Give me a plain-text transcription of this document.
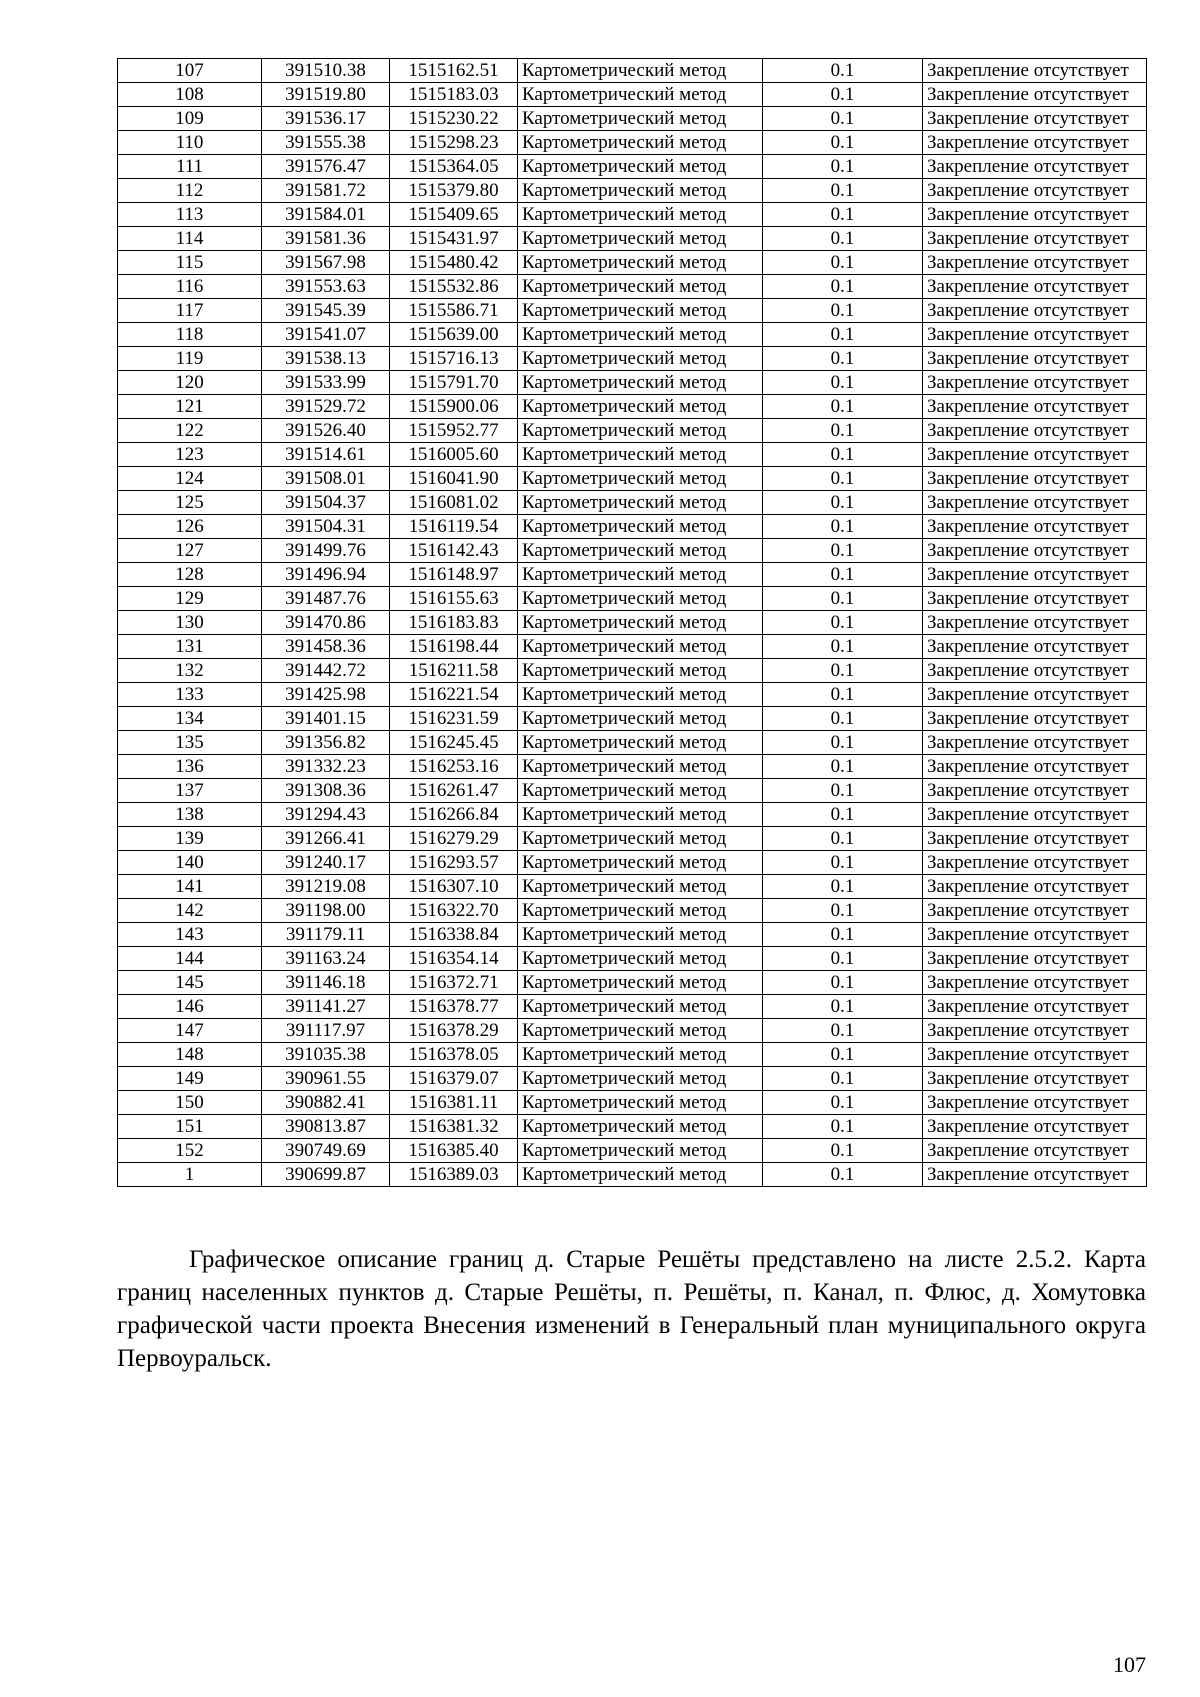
107	391510.38	1515162.51	Картометрический метод	0.1	Закрепление отсутствует
108	391519.80	1515183.03	Картометрический метод	0.1	Закрепление отсутствует
109	391536.17	1515230.22	Картометрический метод	0.1	Закрепление отсутствует
110	391555.38	1515298.23	Картометрический метод	0.1	Закрепление отсутствует
111	391576.47	1515364.05	Картометрический метод	0.1	Закрепление отсутствует
112	391581.72	1515379.80	Картометрический метод	0.1	Закрепление отсутствует
113	391584.01	1515409.65	Картометрический метод	0.1	Закрепление отсутствует
114	391581.36	1515431.97	Картометрический метод	0.1	Закрепление отсутствует
115	391567.98	1515480.42	Картометрический метод	0.1	Закрепление отсутствует
116	391553.63	1515532.86	Картометрический метод	0.1	Закрепление отсутствует
117	391545.39	1515586.71	Картометрический метод	0.1	Закрепление отсутствует
118	391541.07	1515639.00	Картометрический метод	0.1	Закрепление отсутствует
119	391538.13	1515716.13	Картометрический метод	0.1	Закрепление отсутствует
120	391533.99	1515791.70	Картометрический метод	0.1	Закрепление отсутствует
121	391529.72	1515900.06	Картометрический метод	0.1	Закрепление отсутствует
122	391526.40	1515952.77	Картометрический метод	0.1	Закрепление отсутствует
123	391514.61	1516005.60	Картометрический метод	0.1	Закрепление отсутствует
124	391508.01	1516041.90	Картометрический метод	0.1	Закрепление отсутствует
125	391504.37	1516081.02	Картометрический метод	0.1	Закрепление отсутствует
126	391504.31	1516119.54	Картометрический метод	0.1	Закрепление отсутствует
127	391499.76	1516142.43	Картометрический метод	0.1	Закрепление отсутствует
128	391496.94	1516148.97	Картометрический метод	0.1	Закрепление отсутствует
129	391487.76	1516155.63	Картометрический метод	0.1	Закрепление отсутствует
130	391470.86	1516183.83	Картометрический метод	0.1	Закрепление отсутствует
131	391458.36	1516198.44	Картометрический метод	0.1	Закрепление отсутствует
132	391442.72	1516211.58	Картометрический метод	0.1	Закрепление отсутствует
133	391425.98	1516221.54	Картометрический метод	0.1	Закрепление отсутствует
134	391401.15	1516231.59	Картометрический метод	0.1	Закрепление отсутствует
135	391356.82	1516245.45	Картометрический метод	0.1	Закрепление отсутствует
136	391332.23	1516253.16	Картометрический метод	0.1	Закрепление отсутствует
137	391308.36	1516261.47	Картометрический метод	0.1	Закрепление отсутствует
138	391294.43	1516266.84	Картометрический метод	0.1	Закрепление отсутствует
139	391266.41	1516279.29	Картометрический метод	0.1	Закрепление отсутствует
140	391240.17	1516293.57	Картометрический метод	0.1	Закрепление отсутствует
141	391219.08	1516307.10	Картометрический метод	0.1	Закрепление отсутствует
142	391198.00	1516322.70	Картометрический метод	0.1	Закрепление отсутствует
143	391179.11	1516338.84	Картометрический метод	0.1	Закрепление отсутствует
144	391163.24	1516354.14	Картометрический метод	0.1	Закрепление отсутствует
145	391146.18	1516372.71	Картометрический метод	0.1	Закрепление отсутствует
146	391141.27	1516378.77	Картометрический метод	0.1	Закрепление отсутствует
147	391117.97	1516378.29	Картометрический метод	0.1	Закрепление отсутствует
148	391035.38	1516378.05	Картометрический метод	0.1	Закрепление отсутствует
149	390961.55	1516379.07	Картометрический метод	0.1	Закрепление отсутствует
150	390882.41	1516381.11	Картометрический метод	0.1	Закрепление отсутствует
151	390813.87	1516381.32	Картометрический метод	0.1	Закрепление отсутствует
152	390749.69	1516385.40	Картометрический метод	0.1	Закрепление отсутствует
1	390699.87	1516389.03	Картометрический метод	0.1	Закрепление отсутствует

Графическое описание границ д. Старые Решёты представлено на листе 2.5.2. Карта границ населенных пунктов д. Старые Решёты, п. Решёты, п. Канал, п. Флюс, д. Хомутовка графической части проекта Внесения изменений в Генеральный план муниципального округа Первоуральск.

107
